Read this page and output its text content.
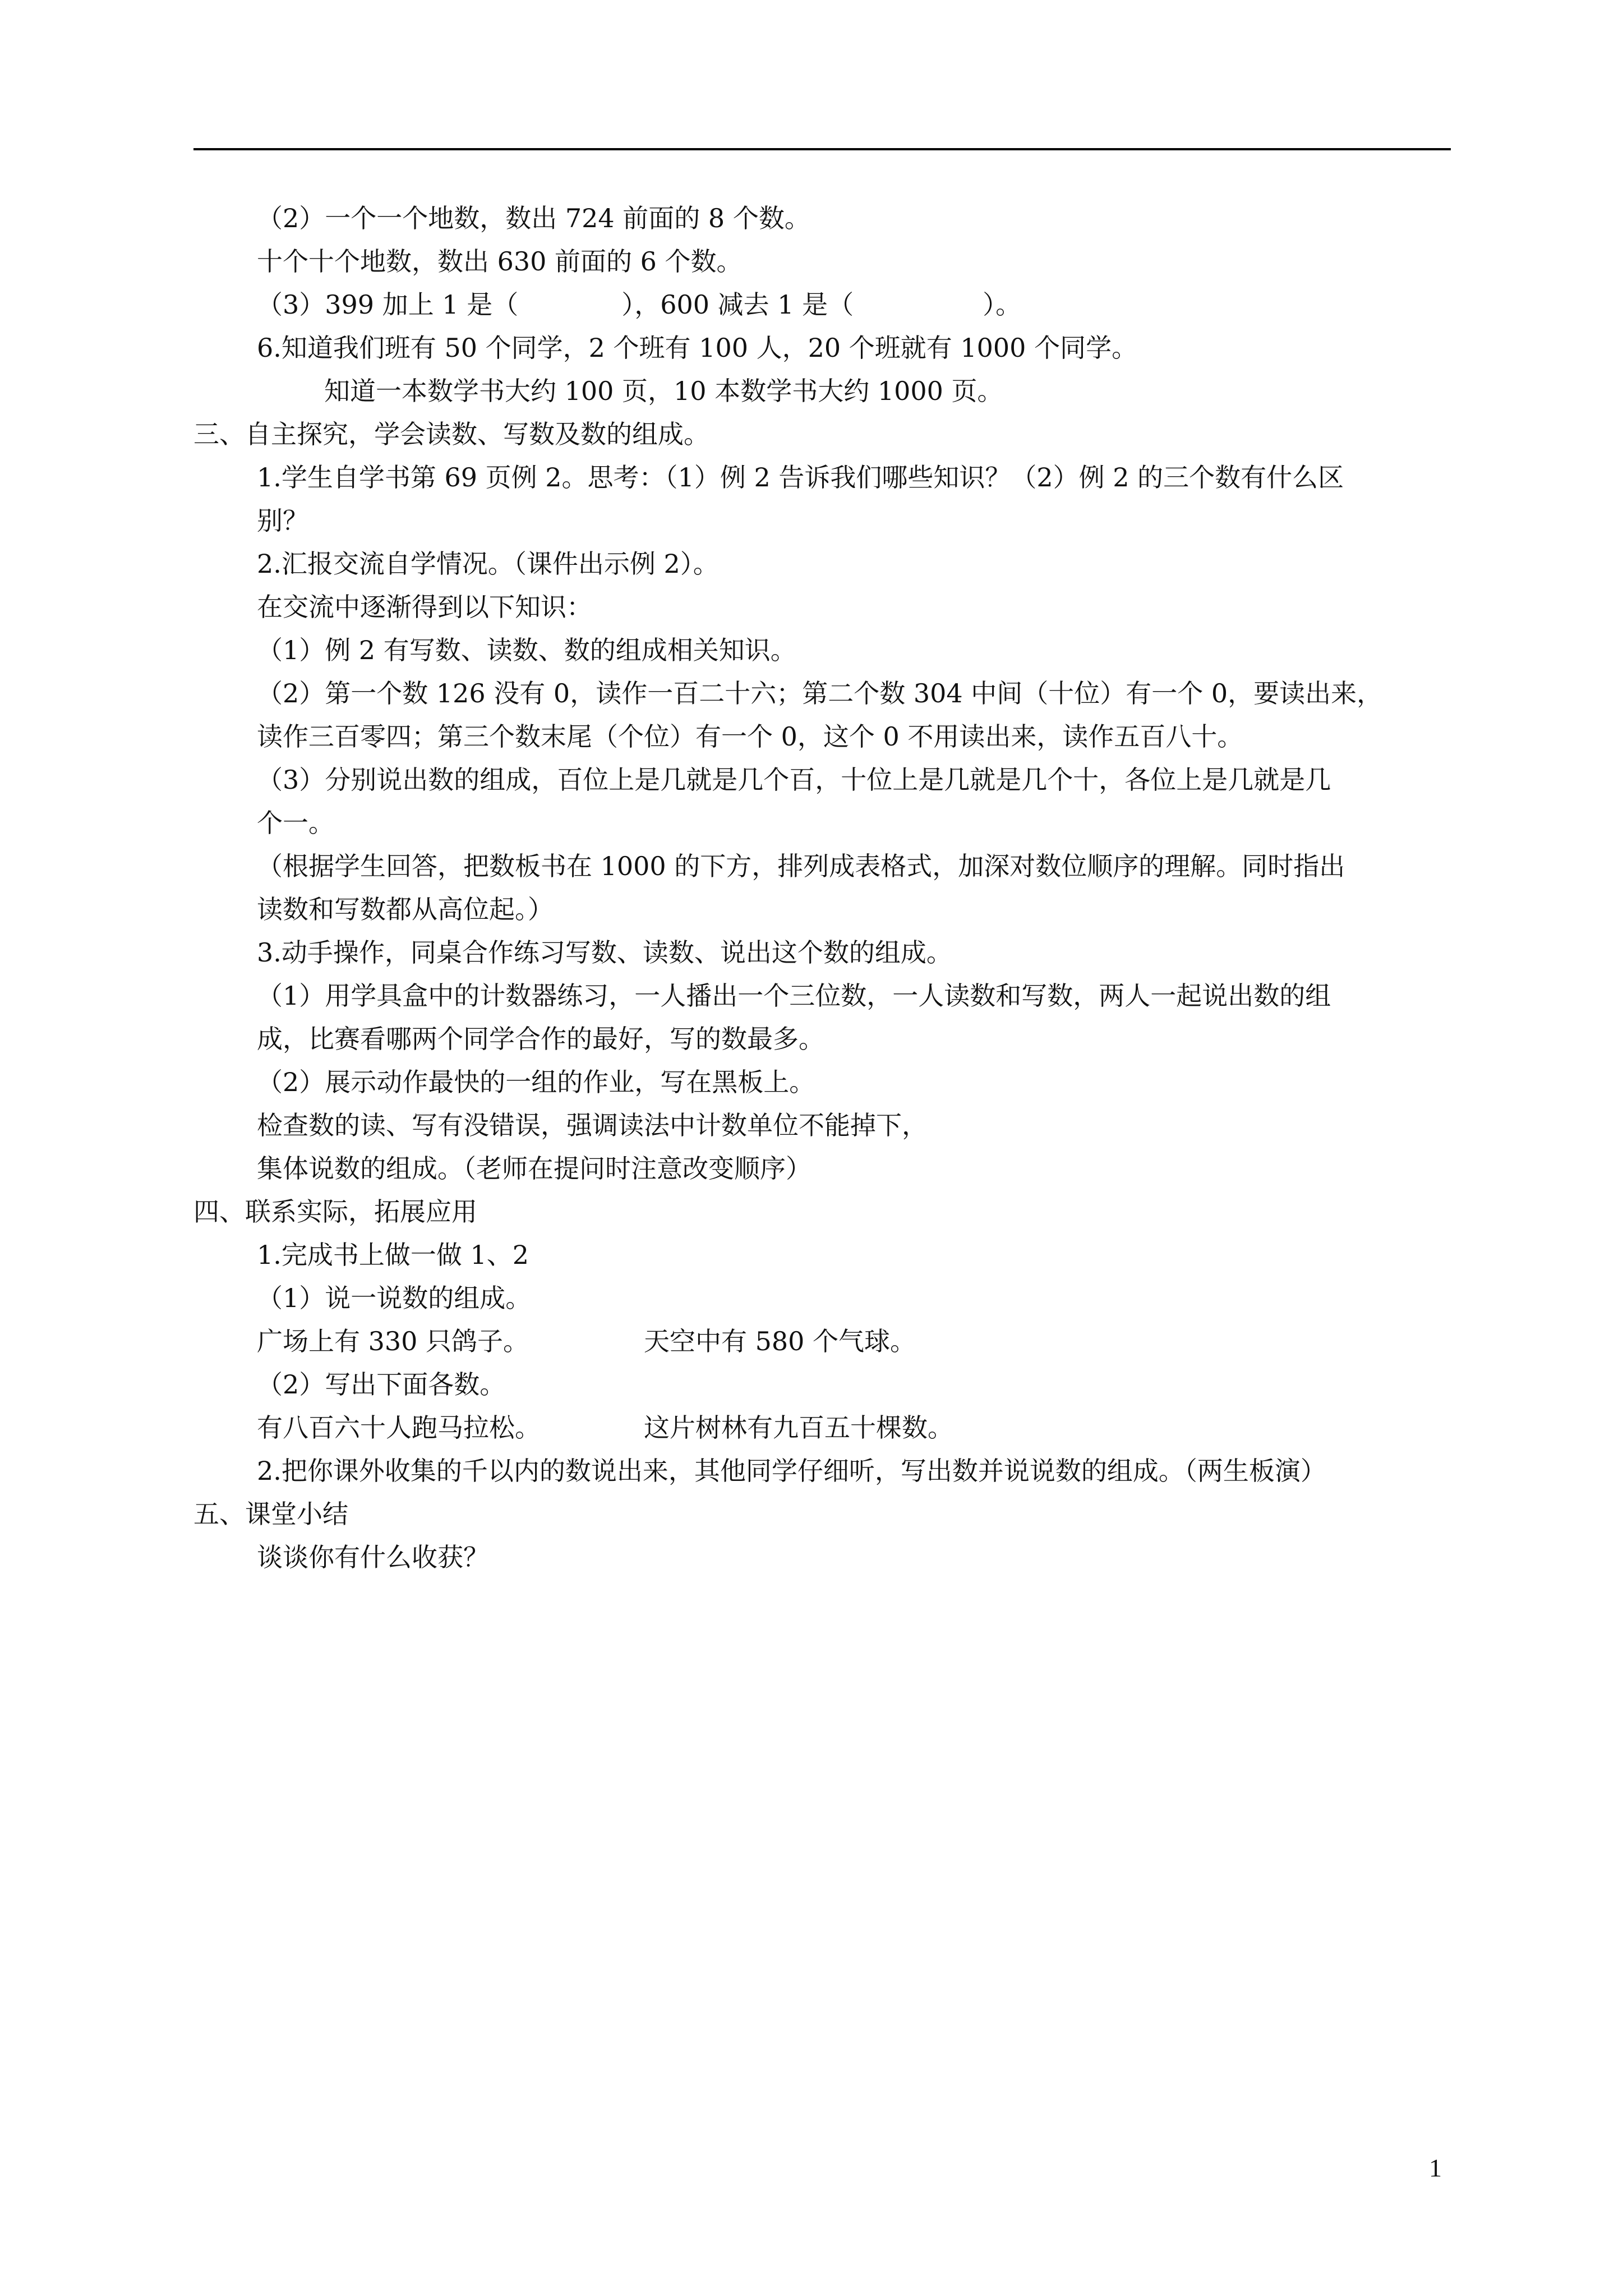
（2）一个一个地数，数出 724 前面的 8 个数。
十个十个地数，数出 630 前面的 6 个数。
（3）399 加上 1 是（　　　　），600 减去 1 是（　　　　　）。
6.知道我们班有 50 个同学，2 个班有 100 人，20 个班就有 1000 个同学。
知道一本数学书大约 100 页，10 本数学书大约 1000 页。
三、自主探究，学会读数、写数及数的组成。
1.学生自学书第 69 页例 2。思考：（1）例 2 告诉我们哪些知识？（2）例 2 的三个数有什么区
别？
2.汇报交流自学情况。（课件出示例 2）。
在交流中逐渐得到以下知识：
（1）例 2 有写数、读数、数的组成相关知识。
（2）第一个数 126 没有 0，读作一百二十六；第二个数 304 中间（十位）有一个 0，要读出来，
读作三百零四；第三个数末尾（个位）有一个 0，这个 0 不用读出来，读作五百八十。
（3）分别说出数的组成，百位上是几就是几个百，十位上是几就是几个十，各位上是几就是几
个一。
（根据学生回答，把数板书在 1000 的下方，排列成表格式，加深对数位顺序的理解。同时指出
读数和写数都从高位起。）
3.动手操作，同桌合作练习写数、读数、说出这个数的组成。
（1）用学具盒中的计数器练习，一人播出一个三位数，一人读数和写数，两人一起说出数的组
成，比赛看哪两个同学合作的最好，写的数最多。
（2）展示动作最快的一组的作业，写在黑板上。
检查数的读、写有没错误，强调读法中计数单位不能掉下，
集体说数的组成。（老师在提问时注意改变顺序）
四、联系实际，拓展应用
1.完成书上做一做 1、2
（1）说一说数的组成。
广场上有 330 只鸽子。	天空中有 580 个气球。
（2）写出下面各数。
有八百六十人跑马拉松。	这片树林有九百五十棵数。
2.把你课外收集的千以内的数说出来，其他同学仔细听，写出数并说说数的组成。（两生板演）
五、课堂小结
谈谈你有什么收获？
1
